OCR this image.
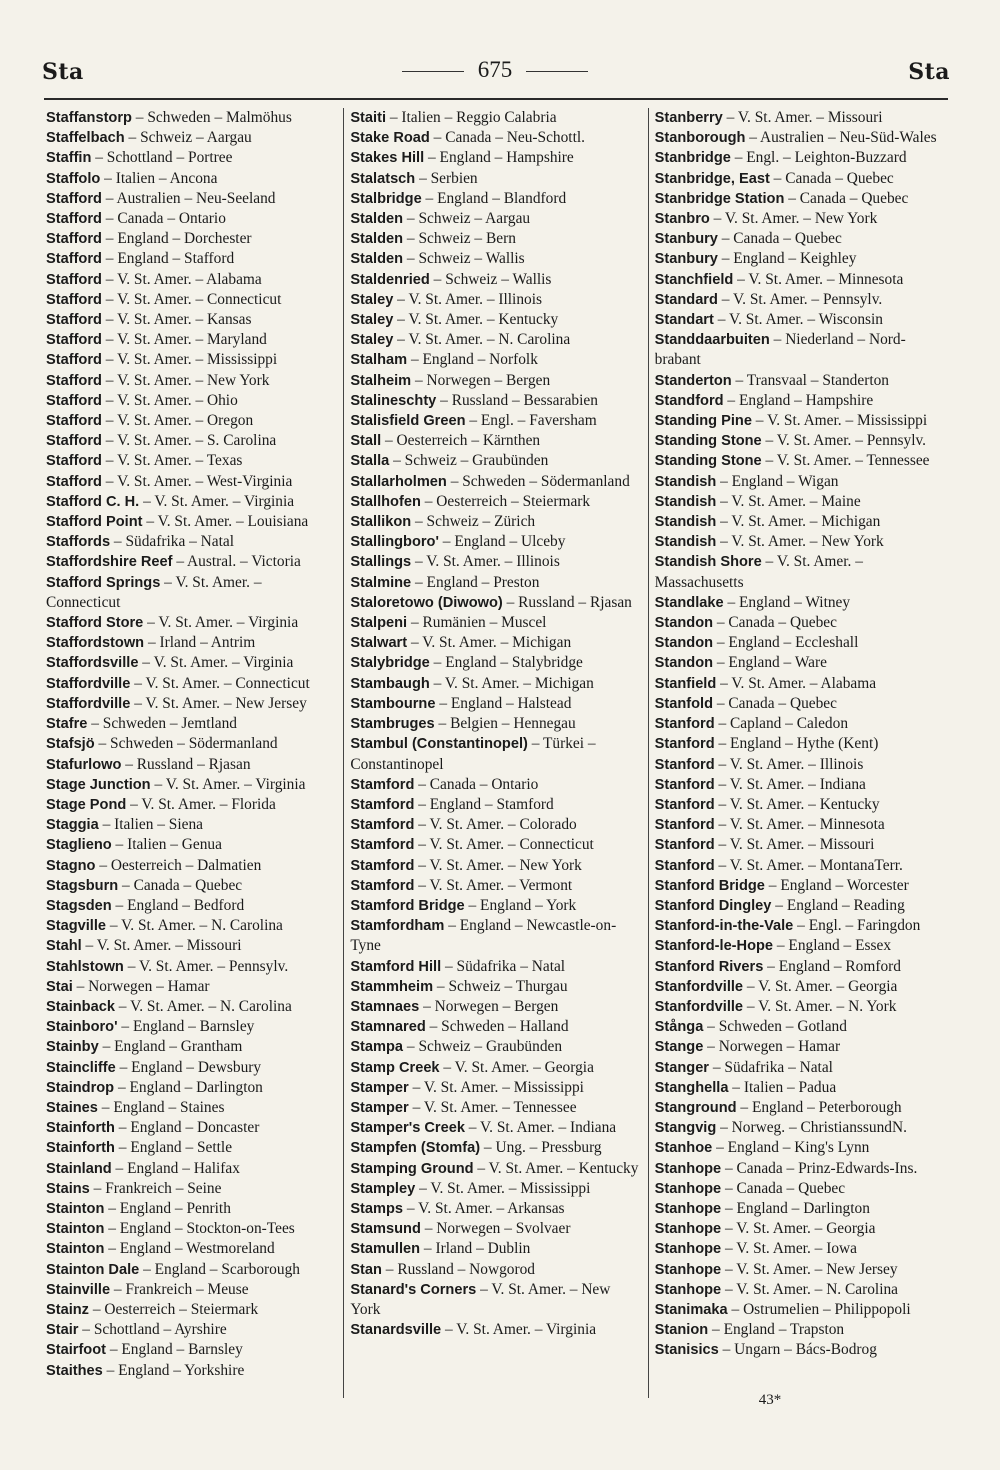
Sta	675	Sta
Staffanstorp – Schweden – Malmöhus
Staffelbach – Schweiz – Aargau
Staffin – Schottland – Portree
Staffolo – Italien – Ancona
Stafford – Australien – Neu-Seeland
Stafford – Canada – Ontario
Stafford – England – Dorchester
Stafford – England – Stafford
Stafford – V. St. Amer. – Alabama
Stafford – V. St. Amer. – Connecticut
Stafford – V. St. Amer. – Kansas
Stafford – V. St. Amer. – Maryland
Stafford – V. St. Amer. – Mississippi
Stafford – V. St. Amer. – New York
Stafford – V. St. Amer. – Ohio
Stafford – V. St. Amer. – Oregon
Stafford – V. St. Amer. – S. Carolina
Stafford – V. St. Amer. – Texas
Stafford – V. St. Amer. – West-Virginia
Stafford C. H. – V. St. Amer. – Virginia
Stafford Point – V. St. Amer. – Louisiana
Staffords – Südafrika – Natal
Staffordshire Reef – Austral. – Victoria
Stafford Springs – V. St. Amer. – Connecticut
Stafford Store – V. St. Amer. – Virginia
Staffordstown – Irland – Antrim
Staffordsville – V. St. Amer. – Virginia
Staffordville – V. St. Amer. – Connecticut
Staffordville – V. St. Amer. – New Jersey
Stafre – Schweden – Jemtland
Stafsjö – Schweden – Södermanland
Stafurlowo – Russland – Rjasan
Stage Junction – V. St. Amer. – Virginia
Stage Pond – V. St. Amer. – Florida
Staggia – Italien – Siena
Staglieno – Italien – Genua
Stagno – Oesterreich – Dalmatien
Stagsburn – Canada – Quebec
Stagsden – England – Bedford
Stagville – V. St. Amer. – N. Carolina
Stahl – V. St. Amer. – Missouri
Stahlstown – V. St. Amer. – Pennsylv.
Stai – Norwegen – Hamar
Stainback – V. St. Amer. – N. Carolina
Stainboro' – England – Barnsley
Stainby – England – Grantham
Staincliffe – England – Dewsbury
Staindrop – England – Darlington
Staines – England – Staines
Stainforth – England – Doncaster
Stainforth – England – Settle
Stainland – England – Halifax
Stains – Frankreich – Seine
Stainton – England – Penrith
Stainton – England – Stockton-on-Tees
Stainton – England – Westmoreland
Stainton Dale – England – Scarborough
Stainville – Frankreich – Meuse
Stainz – Oesterreich – Steiermark
Stair – Schottland – Ayrshire
Stairfoot – England – Barnsley
Staithes – England – Yorkshire
Staiti – Italien – Reggio Calabria
Stake Road – Canada – Neu-Schottl.
Stakes Hill – England – Hampshire
Stalatsch – Serbien
Stalbridge – England – Blandford
Stalden – Schweiz – Aargau
Stalden – Schweiz – Bern
Stalden – Schweiz – Wallis
Staldenried – Schweiz – Wallis
Staley – V. St. Amer. – Illinois
Staley – V. St. Amer. – Kentucky
Staley – V. St. Amer. – N. Carolina
Stalham – England – Norfolk
Stalheim – Norwegen – Bergen
Stalineschty – Russland – Bessarabien
Stalisfield Green – Engl. – Faversham
Stall – Oesterreich – Kärnthen
Stalla – Schweiz – Graubünden
Stallarholmen – Schweden – Södermanland
Stallhofen – Oesterreich – Steiermark
Stallikon – Schweiz – Zürich
Stallingboro' – England – Ulceby
Stallings – V. St. Amer. – Illinois
Stalmine – England – Preston
Staloretowo (Diwowo) – Russland – Rjasan
Stalpeni – Rumänien – Muscel
Stalwart – V. St. Amer. – Michigan
Stalybridge – England – Stalybridge
Stambaugh – V. St. Amer. – Michigan
Stambourne – England – Halstead
Stambruges – Belgien – Hennegau
Stambul (Constantinopel) – Türkei – Constantinopel
Stamford – Canada – Ontario
Stamford – England – Stamford
Stamford – V. St. Amer. – Colorado
Stamford – V. St. Amer. – Connecticut
Stamford – V. St. Amer. – New York
Stamford – V. St. Amer. – Vermont
Stamford Bridge – England – York
Stamfordham – England – Newcastle-on-Tyne
Stamford Hill – Südafrika – Natal
Stammheim – Schweiz – Thurgau
Stamnaes – Norwegen – Bergen
Stamnared – Schweden – Halland
Stampa – Schweiz – Graubünden
Stamp Creek – V. St. Amer. – Georgia
Stamper – V. St. Amer. – Mississippi
Stamper – V. St. Amer. – Tennessee
Stamper's Creek – V. St. Amer. – Indiana
Stampfen (Stomfa) – Ung. – Pressburg
Stamping Ground – V. St. Amer. – Kentucky
Stampley – V. St. Amer. – Mississippi
Stamps – V. St. Amer. – Arkansas
Stamsund – Norwegen – Svolvaer
Stamullen – Irland – Dublin
Stan – Russland – Nowgorod
Stanard's Corners – V. St. Amer. – New York
Stanardsville – V. St. Amer. – Virginia
Stanberry – V. St. Amer. – Missouri
Stanborough – Australien – Neu-Süd-Wales
Stanbridge – Engl. – Leighton-Buzzard
Stanbridge, East – Canada – Quebec
Stanbridge Station – Canada – Quebec
Stanbro – V. St. Amer. – New York
Stanbury – Canada – Quebec
Stanbury – England – Keighley
Stanchfield – V. St. Amer. – Minnesota
Standard – V. St. Amer. – Pennsylv.
Standart – V. St. Amer. – Wisconsin
Standdaarbuiten – Niederland – Nord-brabant
Standerton – Transvaal – Standerton
Standford – England – Hampshire
Standing Pine – V. St. Amer. – Mississippi
Standing Stone – V. St. Amer. – Pennsylv.
Standing Stone – V. St. Amer. – Tennessee
Standish – England – Wigan
Standish – V. St. Amer. – Maine
Standish – V. St. Amer. – Michigan
Standish – V. St. Amer. – New York
Standish Shore – V. St. Amer. – Massachusetts
Standlake – England – Witney
Standon – Canada – Quebec
Standon – England – Eccleshall
Standon – England – Ware
Stanfield – V. St. Amer. – Alabama
Stanfold – Canada – Quebec
Stanford – Capland – Caledon
Stanford – England – Hythe (Kent)
Stanford – V. St. Amer. – Illinois
Stanford – V. St. Amer. – Indiana
Stanford – V. St. Amer. – Kentucky
Stanford – V. St. Amer. – Minnesota
Stanford – V. St. Amer. – Missouri
Stanford – V. St. Amer. – MontanaTerr.
Stanford Bridge – England – Worcester
Stanford Dingley – England – Reading
Stanford-in-the-Vale – Engl. – Faringdon
Stanford-le-Hope – England – Essex
Stanford Rivers – England – Romford
Stanfordville – V. St. Amer. – Georgia
Stanfordville – V. St. Amer. – N. York
Stånga – Schweden – Gotland
Stange – Norwegen – Hamar
Stanger – Südafrika – Natal
Stanghella – Italien – Padua
Stanground – England – Peterborough
Stangvig – Norweg. – ChristianssundN.
Stanhoe – England – King's Lynn
Stanhope – Canada – Prinz-Edwards-Ins.
Stanhope – Canada – Quebec
Stanhope – England – Darlington
Stanhope – V. St. Amer. – Georgia
Stanhope – V. St. Amer. – Iowa
Stanhope – V. St. Amer. – New Jersey
Stanhope – V. St. Amer. – N. Carolina
Stanimaka – Ostrumelien – Philippopoli
Stanion – England – Trapston
Stanisics – Ungarn – Bács-Bodrog
43*
